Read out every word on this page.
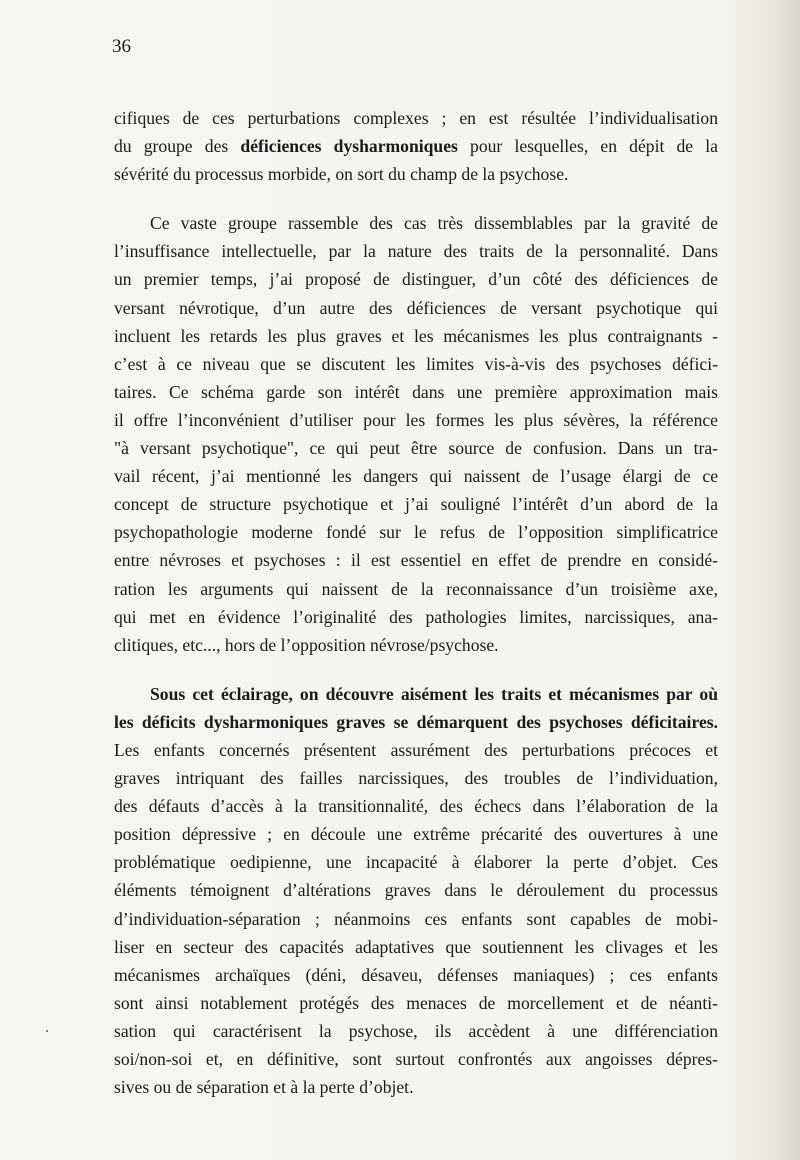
36
cifiques de ces perturbations complexes ; en est résultée l’individualisation
du groupe des déficiences dysharmoniques pour lesquelles, en dépit de la
sévérité du processus morbide, on sort du champ de la psychose.
Ce vaste groupe rassemble des cas très dissemblables par la gravité de
l’insuffisance intellectuelle, par la nature des traits de la personnalité. Dans
un premier temps, j’ai proposé de distinguer, d’un côté des déficiences de
versant névrotique, d’un autre des déficiences de versant psychotique qui
incluent les retards les plus graves et les mécanismes les plus contraignants -
c’est à ce niveau que se discutent les limites vis-à-vis des psychoses défici-
taires. Ce schéma garde son intérêt dans une première approximation mais
il offre l’inconvénient d’utiliser pour les formes les plus sévères, la référence
"à versant psychotique", ce qui peut être source de confusion. Dans un tra-
vail récent, j’ai mentionné les dangers qui naissent de l’usage élargi de ce
concept de structure psychotique et j’ai souligné l’intérêt d’un abord de la
psychopathologie moderne fondé sur le refus de l’opposition simplificatrice
entre névroses et psychoses : il est essentiel en effet de prendre en considé-
ration les arguments qui naissent de la reconnaissance d’un troisième axe,
qui met en évidence l’originalité des pathologies limites, narcissiques, ana-
clitiques, etc..., hors de l’opposition névrose/psychose.
Sous cet éclairage, on découvre aisément les traits et mécanismes par où
les déficits dysharmoniques graves se démarquent des psychoses déficitaires.
Les enfants concernés présentent assurément des perturbations précoces et
graves intriquant des failles narcissiques, des troubles de l’individuation,
des défauts d’accès à la transitionnalité, des échecs dans l’élaboration de la
position dépressive ; en découle une extrême précarité des ouvertures à une
problématique oedipienne, une incapacité à élaborer la perte d’objet. Ces
éléments témoignent d’altérations graves dans le déroulement du processus
d’individuation-séparation ; néanmoins ces enfants sont capables de mobi-
liser en secteur des capacités adaptatives que soutiennent les clivages et les
mécanismes archaïques (déni, désaveu, défenses maniaques) ; ces enfants
sont ainsi notablement protégés des menaces de morcellement et de néanti-
sation qui caractérisent la psychose, ils accèdent à une différenciation
soi/non-soi et, en définitive, sont surtout confrontés aux angoisses dépres-
sives ou de séparation et à la perte d’objet.
